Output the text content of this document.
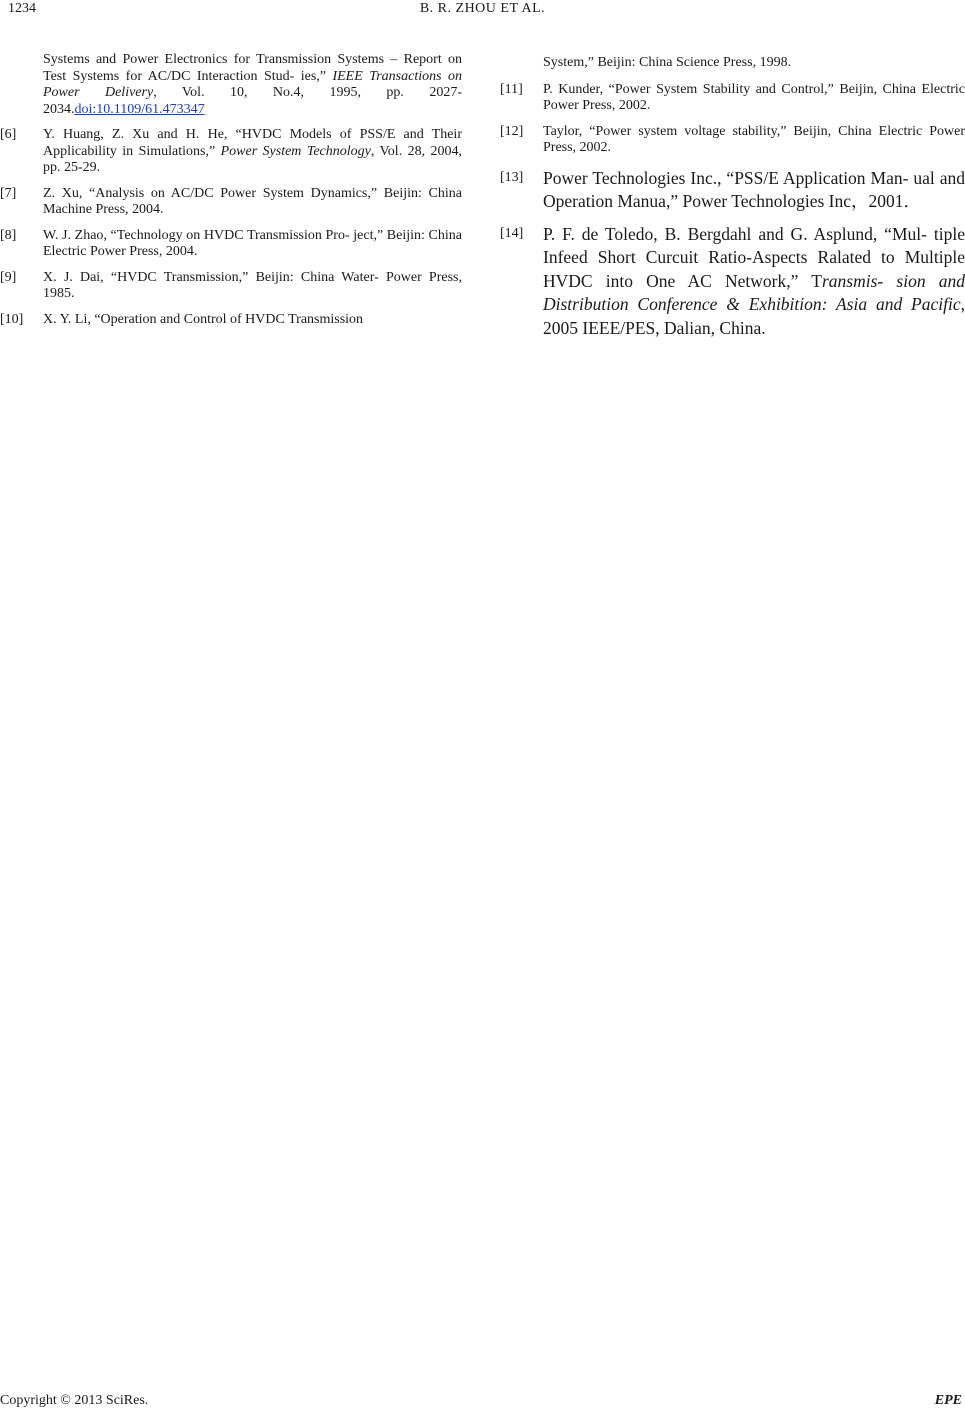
1234	B. R. ZHOU ET AL.
Systems and Power Electronics for Transmission Systems – Report on Test Systems for AC/DC Interaction Stud- ies,” IEEE Transactions on Power Delivery, Vol. 10, No.4, 1995, pp. 2027-2034.doi:10.1109/61.473347
[6] Y. Huang, Z. Xu and H. He, “HVDC Models of PSS/E and Their Applicability in Simulations,” Power System Technology, Vol. 28, 2004, pp. 25-29.
[7] Z. Xu, “Analysis on AC/DC Power System Dynamics,” Beijin: China Machine Press, 2004.
[8] W. J. Zhao, “Technology on HVDC Transmission Pro- ject,” Beijin: China Electric Power Press, 2004.
[9] X. J. Dai, “HVDC Transmission,” Beijin: China Water- Power Press, 1985.
[10] X. Y. Li, “Operation and Control of HVDC Transmission
System,” Beijin: China Science Press, 1998.
[11] P. Kunder, “Power System Stability and Control,” Beijin, China Electric Power Press, 2002.
[12] Taylor, “Power system voltage stability,” Beijin, China Electric Power Press, 2002.
[13] Power Technologies Inc., “PSS/E Application Man- ual and Operation Manua,” Power Technologies Inc，2001．
[14] P. F. de Toledo, B. Bergdahl and G. Asplund, “Mul- tiple Infeed Short Curcuit Ratio-Aspects Ralated to Multiple HVDC into One AC Network,” Transmis- sion and Distribution Conference & Exhibition: Asia and Pacific, 2005 IEEE/PES, Dalian, China.
Copyright © 2013 SciRes.	EPE
